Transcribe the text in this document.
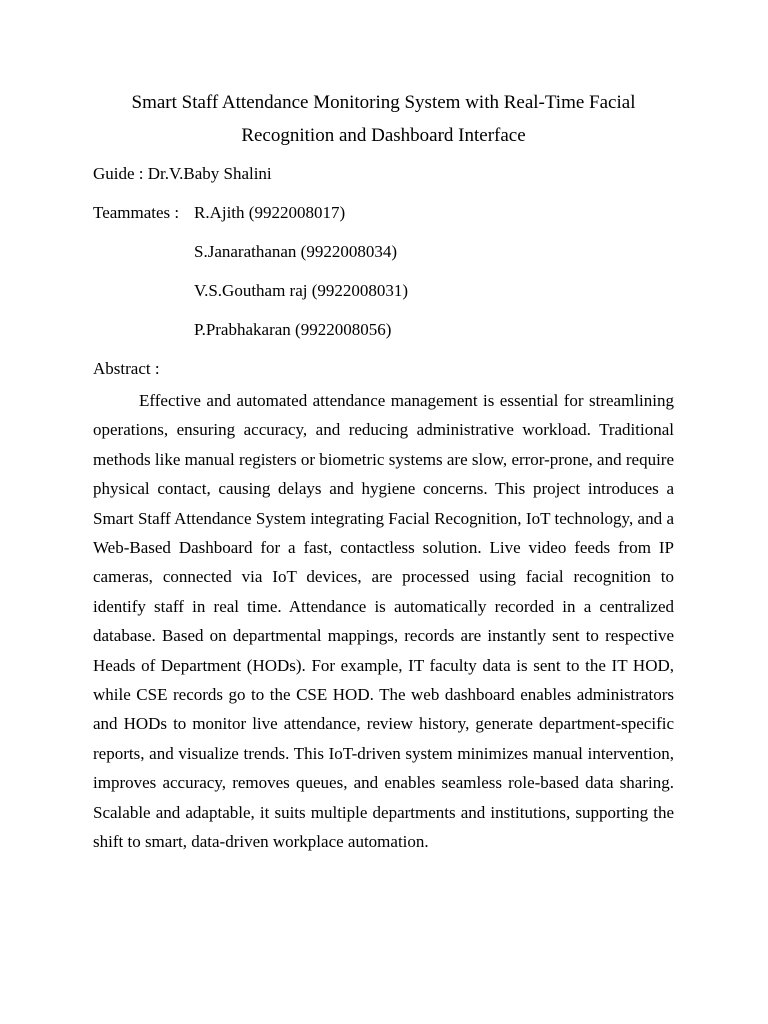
Smart Staff Attendance Monitoring System with Real-Time Facial Recognition and Dashboard Interface
Guide : Dr.V.Baby Shalini
Teammates : R.Ajith (9922008017)
S.Janarathanan (9922008034)
V.S.Goutham raj (9922008031)
P.Prabhakaran (9922008056)
Abstract :

Effective and automated attendance management is essential for streamlining operations, ensuring accuracy, and reducing administrative workload. Traditional methods like manual registers or biometric systems are slow, error-prone, and require physical contact, causing delays and hygiene concerns. This project introduces a Smart Staff Attendance System integrating Facial Recognition, IoT technology, and a Web-Based Dashboard for a fast, contactless solution. Live video feeds from IP cameras, connected via IoT devices, are processed using facial recognition to identify staff in real time. Attendance is automatically recorded in a centralized database. Based on departmental mappings, records are instantly sent to respective Heads of Department (HODs). For example, IT faculty data is sent to the IT HOD, while CSE records go to the CSE HOD. The web dashboard enables administrators and HODs to monitor live attendance, review history, generate department-specific reports, and visualize trends. This IoT-driven system minimizes manual intervention, improves accuracy, removes queues, and enables seamless role-based data sharing. Scalable and adaptable, it suits multiple departments and institutions, supporting the shift to smart, data-driven workplace automation.
